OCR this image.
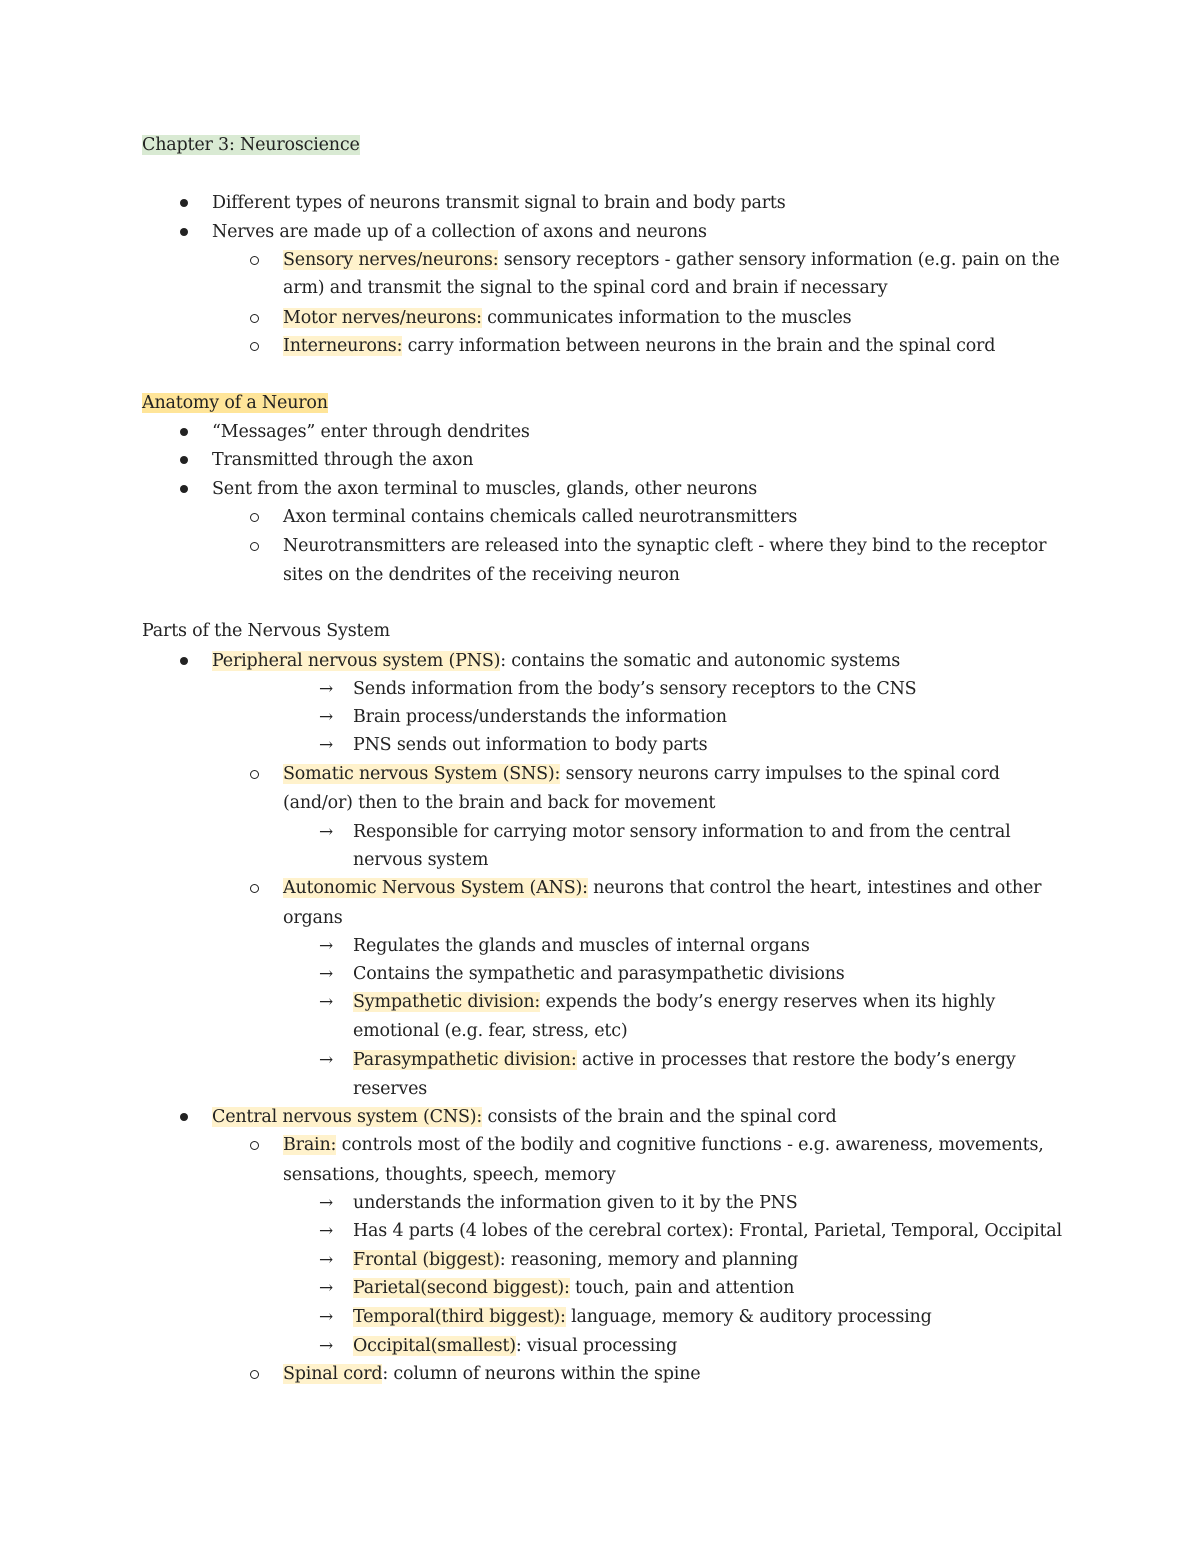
Chapter 3: Neuroscience
Different types of neurons transmit signal to brain and body parts
Nerves are made up of a collection of axons and neurons
Sensory nerves/neurons: sensory receptors - gather sensory information (e.g. pain on the
arm) and transmit the signal to the spinal cord and brain if necessary
Motor nerves/neurons: communicates information to the muscles
Interneurons: carry information between neurons in the brain and the spinal cord
Anatomy of a Neuron
“Messages” enter through dendrites
Transmitted through the axon
Sent from the axon terminal to muscles, glands, other neurons
Axon terminal contains chemicals called neurotransmitters
Neurotransmitters are released into the synaptic cleft - where they bind to the receptor
sites on the dendrites of the receiving neuron
Parts of the Nervous System
Peripheral nervous system (PNS): contains the somatic and autonomic systems
Sends information from the body’s sensory receptors to the CNS
→
Brain process/understands the information
→
PNS sends out information to body parts
→
Somatic nervous System (SNS): sensory neurons carry impulses to the spinal cord
(and/or) then to the brain and back for movement
Responsible for carrying motor sensory information to and from the central
→
nervous system
Autonomic Nervous System (ANS): neurons that control the heart, intestines and other
organs
Regulates the glands and muscles of internal organs
→
Contains the sympathetic and parasympathetic divisions
→
Sympathetic division: expends the body’s energy reserves when its highly
→
emotional (e.g. fear, stress, etc)
Parasympathetic division: active in processes that restore the body’s energy
→
reserves
Central nervous system (CNS): consists of the brain and the spinal cord
Brain: controls most of the bodily and cognitive functions - e.g. awareness, movements,
sensations, thoughts, speech, memory
understands the information given to it by the PNS
→
Has 4 parts (4 lobes of the cerebral cortex): Frontal, Parietal, Temporal, Occipital
→
Frontal (biggest): reasoning, memory and planning
→
Parietal(second biggest): touch, pain and attention
→
Temporal(third biggest): language, memory & auditory processing
→
Occipital(smallest): visual processing
→
Spinal cord: column of neurons within the spine
